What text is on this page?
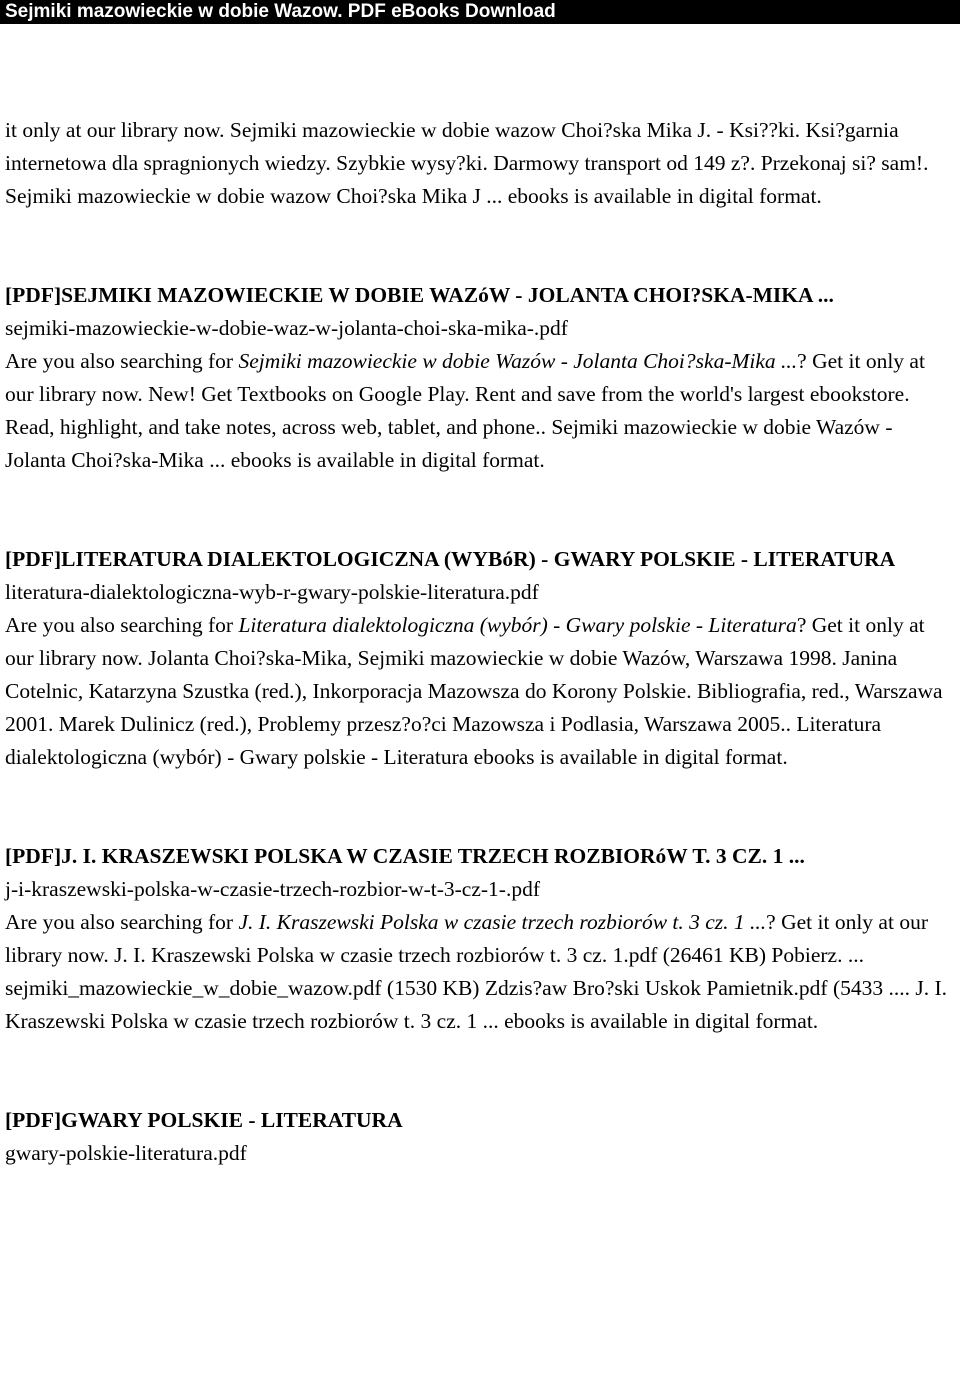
Sejmiki mazowieckie w dobie Wazow. PDF eBooks Download

it only at our library now. Sejmiki mazowieckie w dobie wazow Choi?ska Mika J. - Ksi??ki. Ksi?garnia internetowa dla spragnionych wiedzy. Szybkie wysy?ki. Darmowy transport od 149 z?. Przekonaj si? sam!. Sejmiki mazowieckie w dobie wazow Choi?ska Mika J ... ebooks is available in digital format.

[PDF]SEJMIKI MAZOWIECKIE W DOBIE WAZóW - JOLANTA CHOI?SKA-MIKA ...

sejmiki-mazowieckie-w-dobie-waz-w-jolanta-choi-ska-mika-.pdf

Are you also searching for Sejmiki mazowieckie w dobie Wazów - Jolanta Choi?ska-Mika ...? Get it only at our library now. New! Get Textbooks on Google Play. Rent and save from the world's largest ebookstore. Read, highlight, and take notes, across web, tablet, and phone.. Sejmiki mazowieckie w dobie Wazów - Jolanta Choi?ska-Mika ... ebooks is available in digital format.

[PDF]LITERATURA DIALEKTOLOGICZNA (WYBóR) - GWARY POLSKIE - LITERATURA

literatura-dialektologiczna-wyb-r-gwary-polskie-literatura.pdf

Are you also searching for Literatura dialektologiczna (wybór) - Gwary polskie - Literatura? Get it only at our library now. Jolanta Choi?ska-Mika, Sejmiki mazowieckie w dobie Wazów, Warszawa 1998. Janina Cotelnic, Katarzyna Szustka (red.), Inkorporacja Mazowsza do Korony Polskie. Bibliografia, red., Warszawa 2001. Marek Dulinicz (red.), Problemy przesz?o?ci Mazowsza i Podlasia, Warszawa 2005.. Literatura dialektologiczna (wybór) - Gwary polskie - Literatura ebooks is available in digital format.

[PDF]J. I. KRASZEWSKI POLSKA W CZASIE TRZECH ROZBIORóW T. 3 CZ. 1 ...

j-i-kraszewski-polska-w-czasie-trzech-rozbior-w-t-3-cz-1-.pdf

Are you also searching for J. I. Kraszewski Polska w czasie trzech rozbiorów t. 3 cz. 1 ...? Get it only at our library now. J. I. Kraszewski Polska w czasie trzech rozbiorów t. 3 cz. 1.pdf (26461 KB) Pobierz. ... sejmiki_mazowieckie_w_dobie_wazow.pdf (1530 KB) Zdzis?aw Bro?ski Uskok Pamietnik.pdf (5433 .... J. I. Kraszewski Polska w czasie trzech rozbiorów t. 3 cz. 1 ... ebooks is available in digital format.

[PDF]GWARY POLSKIE - LITERATURA

gwary-polskie-literatura.pdf
